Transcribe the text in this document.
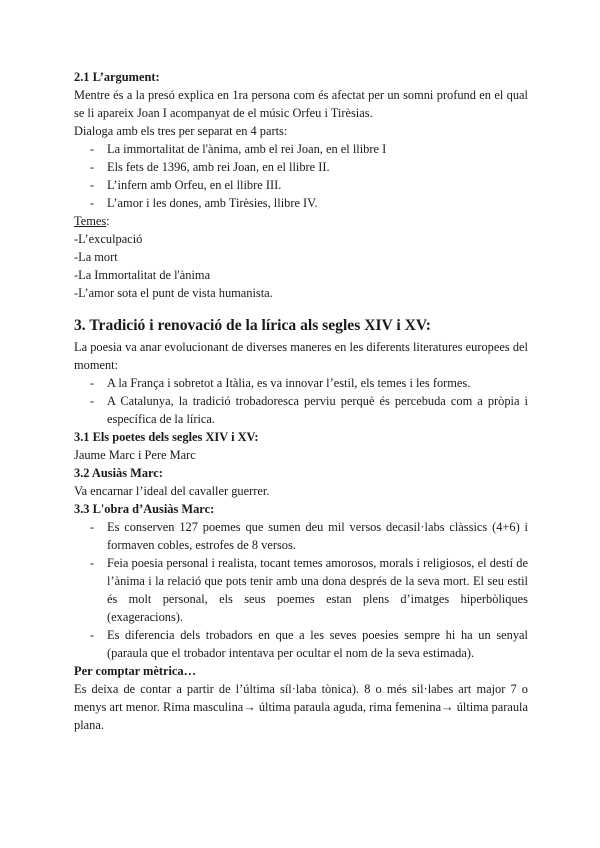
2.1 L’argument:

Mentre és a la presó explica en 1ra persona com és afectat per un somni profund en el qual se li apareix Joan I acompanyat de el músic Orfeu i Tirèsias.

Dialoga amb els tres per separat en 4 parts:

- La immortalitat de l'ànima, amb el rei Joan, en el llibre I
- Els fets de 1396, amb rei Joan, en el llibre II.
- L’infern amb Orfeu, en el llibre III.
- L’amor i les dones, amb Tirèsies, llibre IV.

Temes:

-L’exculpació

-La mort

-La Immortalitat de l'ànima

-L’amor sota el punt de vista humanista.

3. Tradició i renovació de la lírica als segles XIV i XV:

La poesia va anar evolucionant de diverses maneres en les diferents literatures europees del moment:

- A la França i sobretot a Itàlia, es va innovar l’estil, els temes i les formes.
- A Catalunya, la tradició trobadoresca perviu perquè és percebuda com a pròpia i específica de la lírica.

3.1 Els poetes dels segles XIV i XV:

Jaume Marc i Pere Marc

3.2 Ausiàs Marc:

Va encarnar l’ideal del cavaller guerrer.

3.3 L'obra d’Ausiàs Marc:

- Es conserven 127 poemes que sumen deu mil versos decasil·labs clàssics (4+6) i formaven cobles, estrofes de 8 versos.
- Feia poesia personal i realista, tocant temes amorosos, morals i religiosos, el destí de l’ànima i la relació que pots tenir amb una dona després de la seva mort. El seu estil és molt personal, els seus poemes estan plens d’imatges hiperbòliques (exageracions).
- Es diferencia dels trobadors en que a les seves poesies sempre hi ha un senyal (paraula que el trobador intentava per ocultar el nom de la seva estimada).

Per comptar mètrica…

Es deixa de contar a partir de l’última síl·laba tònica). 8 o més sil·labes art major 7 o menys art menor. Rima masculina→ última paraula aguda, rima femenina→ última paraula plana.
